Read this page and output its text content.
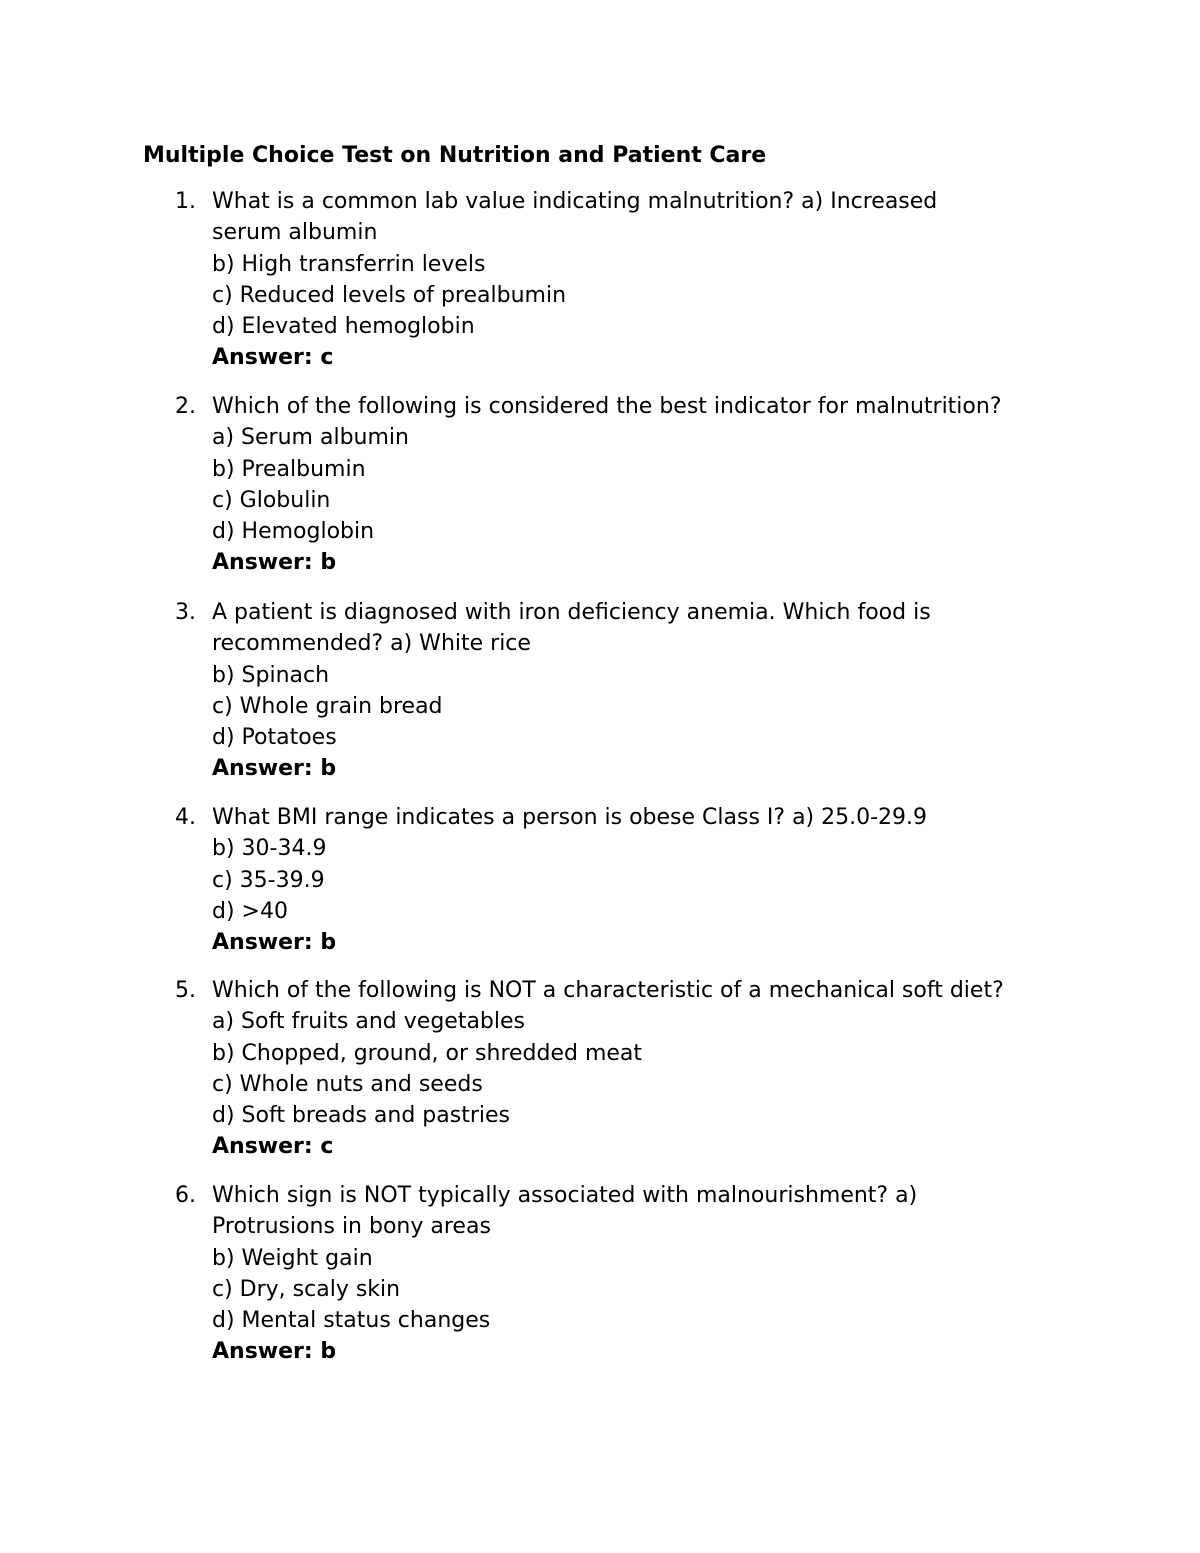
Multiple Choice Test on Nutrition and Patient Care
1. What is a common lab value indicating malnutrition? a) Increased
serum albumin
b) High transferrin levels
c) Reduced levels of prealbumin
d) Elevated hemoglobin
Answer: c
2. Which of the following is considered the best indicator for malnutrition?
a) Serum albumin
b) Prealbumin
c) Globulin
d) Hemoglobin
Answer: b
3. A patient is diagnosed with iron deficiency anemia. Which food is
recommended? a) White rice
b) Spinach
c) Whole grain bread
d) Potatoes
Answer: b
4. What BMI range indicates a person is obese Class I? a) 25.0-29.9
b) 30-34.9
c) 35-39.9
d) >40
Answer: b
5. Which of the following is NOT a characteristic of a mechanical soft diet?
a) Soft fruits and vegetables
b) Chopped, ground, or shredded meat
c) Whole nuts and seeds
d) Soft breads and pastries
Answer: c
6. Which sign is NOT typically associated with malnourishment? a)
Protrusions in bony areas
b) Weight gain
c) Dry, scaly skin
d) Mental status changes
Answer: b
